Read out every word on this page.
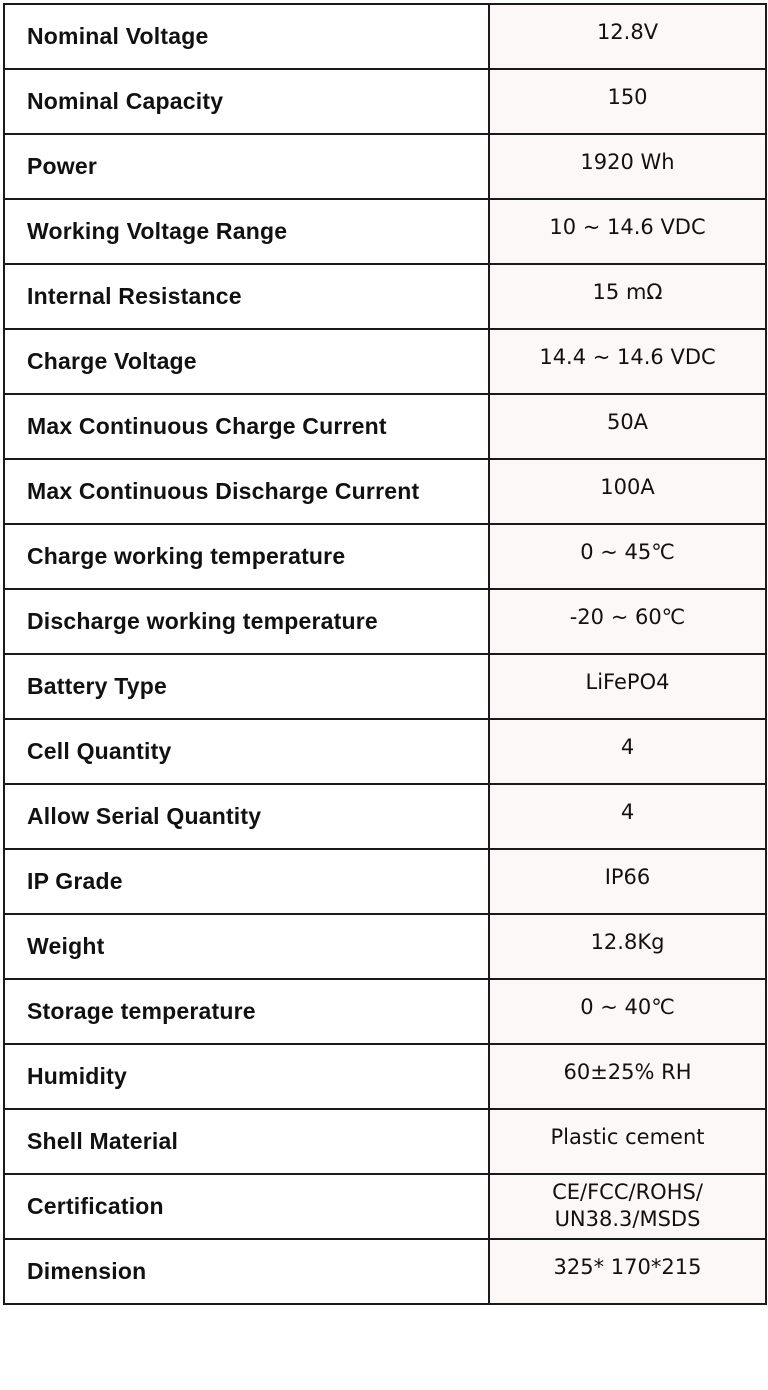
Nominal Voltage	12.8V
Nominal Capacity	150
Power	1920 Wh
Working Voltage Range	10 ~ 14.6 VDC
Internal Resistance	15 mΩ
Charge Voltage	14.4 ~ 14.6 VDC
Max Continuous Charge Current	50A
Max Continuous Discharge Current	100A
Charge working temperature	0 ~ 45℃
Discharge working temperature	-20 ~ 60℃
Battery Type	LiFePO4
Cell Quantity	4
Allow Serial Quantity	4
IP Grade	IP66
Weight	12.8Kg
Storage temperature	0 ~ 40℃
Humidity	60±25% RH
Shell Material	Plastic cement
Certification	CE/FCC/ROHS/
UN38.3/MSDS
Dimension	325* 170*215
